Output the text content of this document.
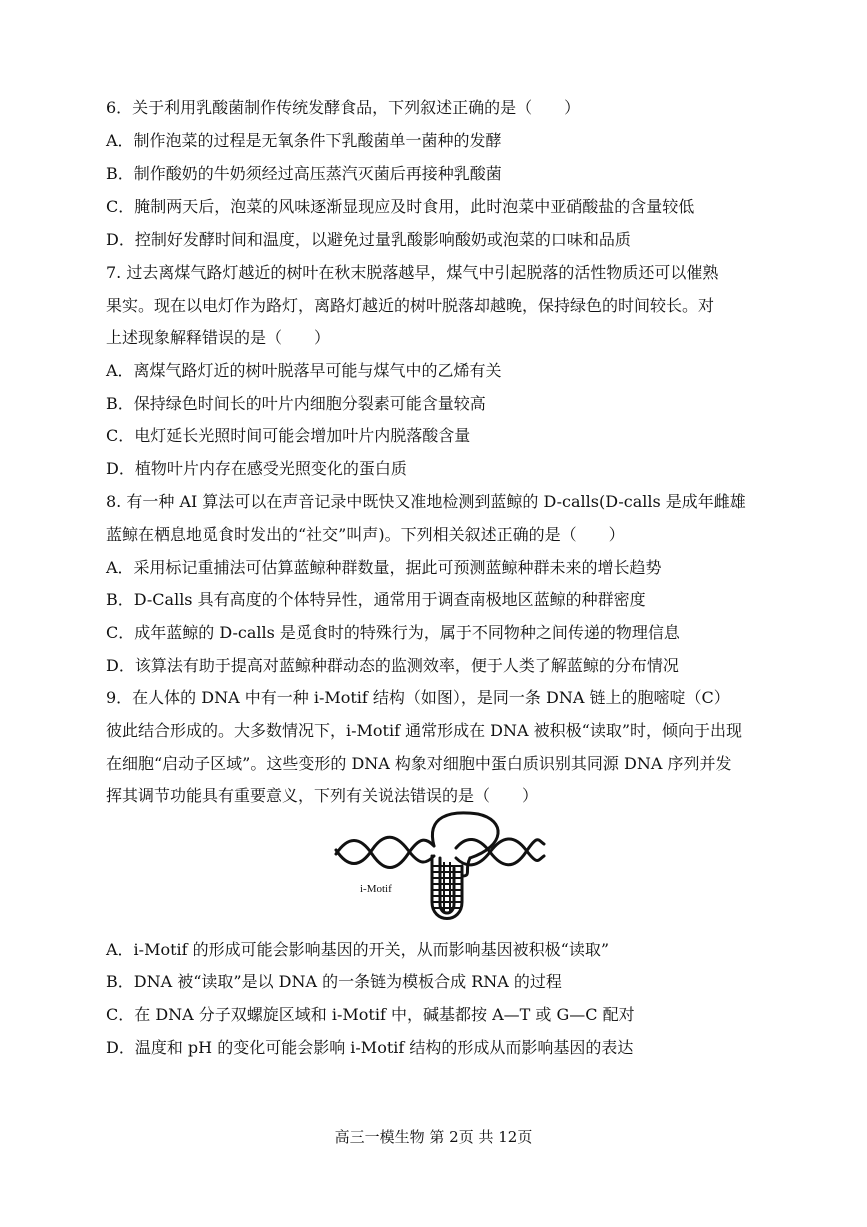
6．关于利用乳酸菌制作传统发酵食品，下列叙述正确的是（　　）
A．制作泡菜的过程是无氧条件下乳酸菌单一菌种的发酵
B．制作酸奶的牛奶须经过高压蒸汽灭菌后再接种乳酸菌
C．腌制两天后，泡菜的风味逐渐显现应及时食用，此时泡菜中亚硝酸盐的含量较低
D．控制好发酵时间和温度，以避免过量乳酸影响酸奶或泡菜的口味和品质
7. 过去离煤气路灯越近的树叶在秋末脱落越早，煤气中引起脱落的活性物质还可以催熟
果实。现在以电灯作为路灯，离路灯越近的树叶脱落却越晚，保持绿色的时间较长。对
上述现象解释错误的是（　　）
A．离煤气路灯近的树叶脱落早可能与煤气中的乙烯有关
B．保持绿色时间长的叶片内细胞分裂素可能含量较高
C．电灯延长光照时间可能会增加叶片内脱落酸含量
D．植物叶片内存在感受光照变化的蛋白质
8. 有一种 AI 算法可以在声音记录中既快又准地检测到蓝鲸的 D-calls(D-calls 是成年雌雄
蓝鲸在栖息地觅食时发出的“社交”叫声)。下列相关叙述正确的是（　　）
A．采用标记重捕法可估算蓝鲸种群数量，据此可预测蓝鲸种群未来的增长趋势
B．D-Calls 具有高度的个体特异性，通常用于调查南极地区蓝鲸的种群密度
C．成年蓝鲸的 D-calls 是觅食时的特殊行为，属于不同物种之间传递的物理信息
D．该算法有助于提高对蓝鲸种群动态的监测效率，便于人类了解蓝鲸的分布情况
9．在人体的 DNA 中有一种 i-Motif 结构（如图），是同一条 DNA 链上的胞嘧啶（C）
彼此结合形成的。大多数情况下，i-Motif 通常形成在 DNA 被积极“读取”时，倾向于出现
在细胞“启动子区域”。这些变形的 DNA 构象对细胞中蛋白质识别其同源 DNA 序列并发
挥其调节功能具有重要意义，下列有关说法错误的是（　　）
i-Motif
A．i-Motif 的形成可能会影响基因的开关，从而影响基因被积极“读取”
B．DNA 被“读取”是以 DNA 的一条链为模板合成 RNA 的过程
C．在 DNA 分子双螺旋区域和 i-Motif 中，碱基都按 A—T 或 G—C 配对
D．温度和 pH 的变化可能会影响 i-Motif 结构的形成从而影响基因的表达
高三一模生物 第 2页 共 12页
